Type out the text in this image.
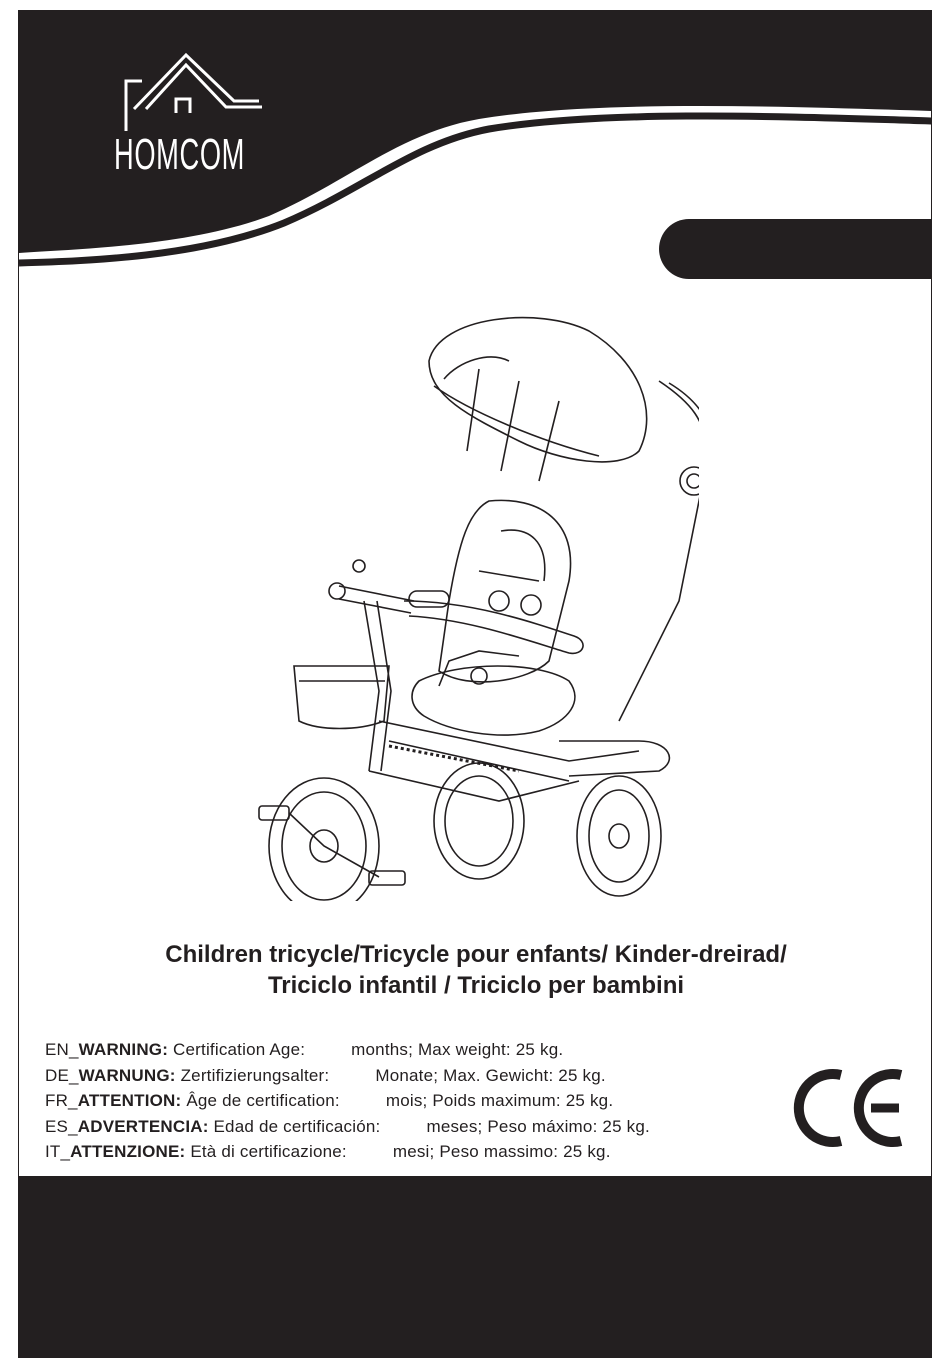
HOMCOM
Children tricycle/Tricycle pour enfants/ Kinder-dreirad/
Triciclo infantil / Triciclo per bambini
EN_WARNING: Certification Age:	months; Max weight: 25 kg.
DE_WARNUNG: Zertifizierungsalter:	Monate; Max. Gewicht: 25 kg.
FR_ATTENTION: Âge de certification:	mois; Poids maximum: 25 kg.
ES_ADVERTENCIA: Edad de certificación:	meses; Peso máximo: 25 kg.
IT_ATTENZIONE: Età di certificazione:	mesi; Peso massimo: 25 kg.
